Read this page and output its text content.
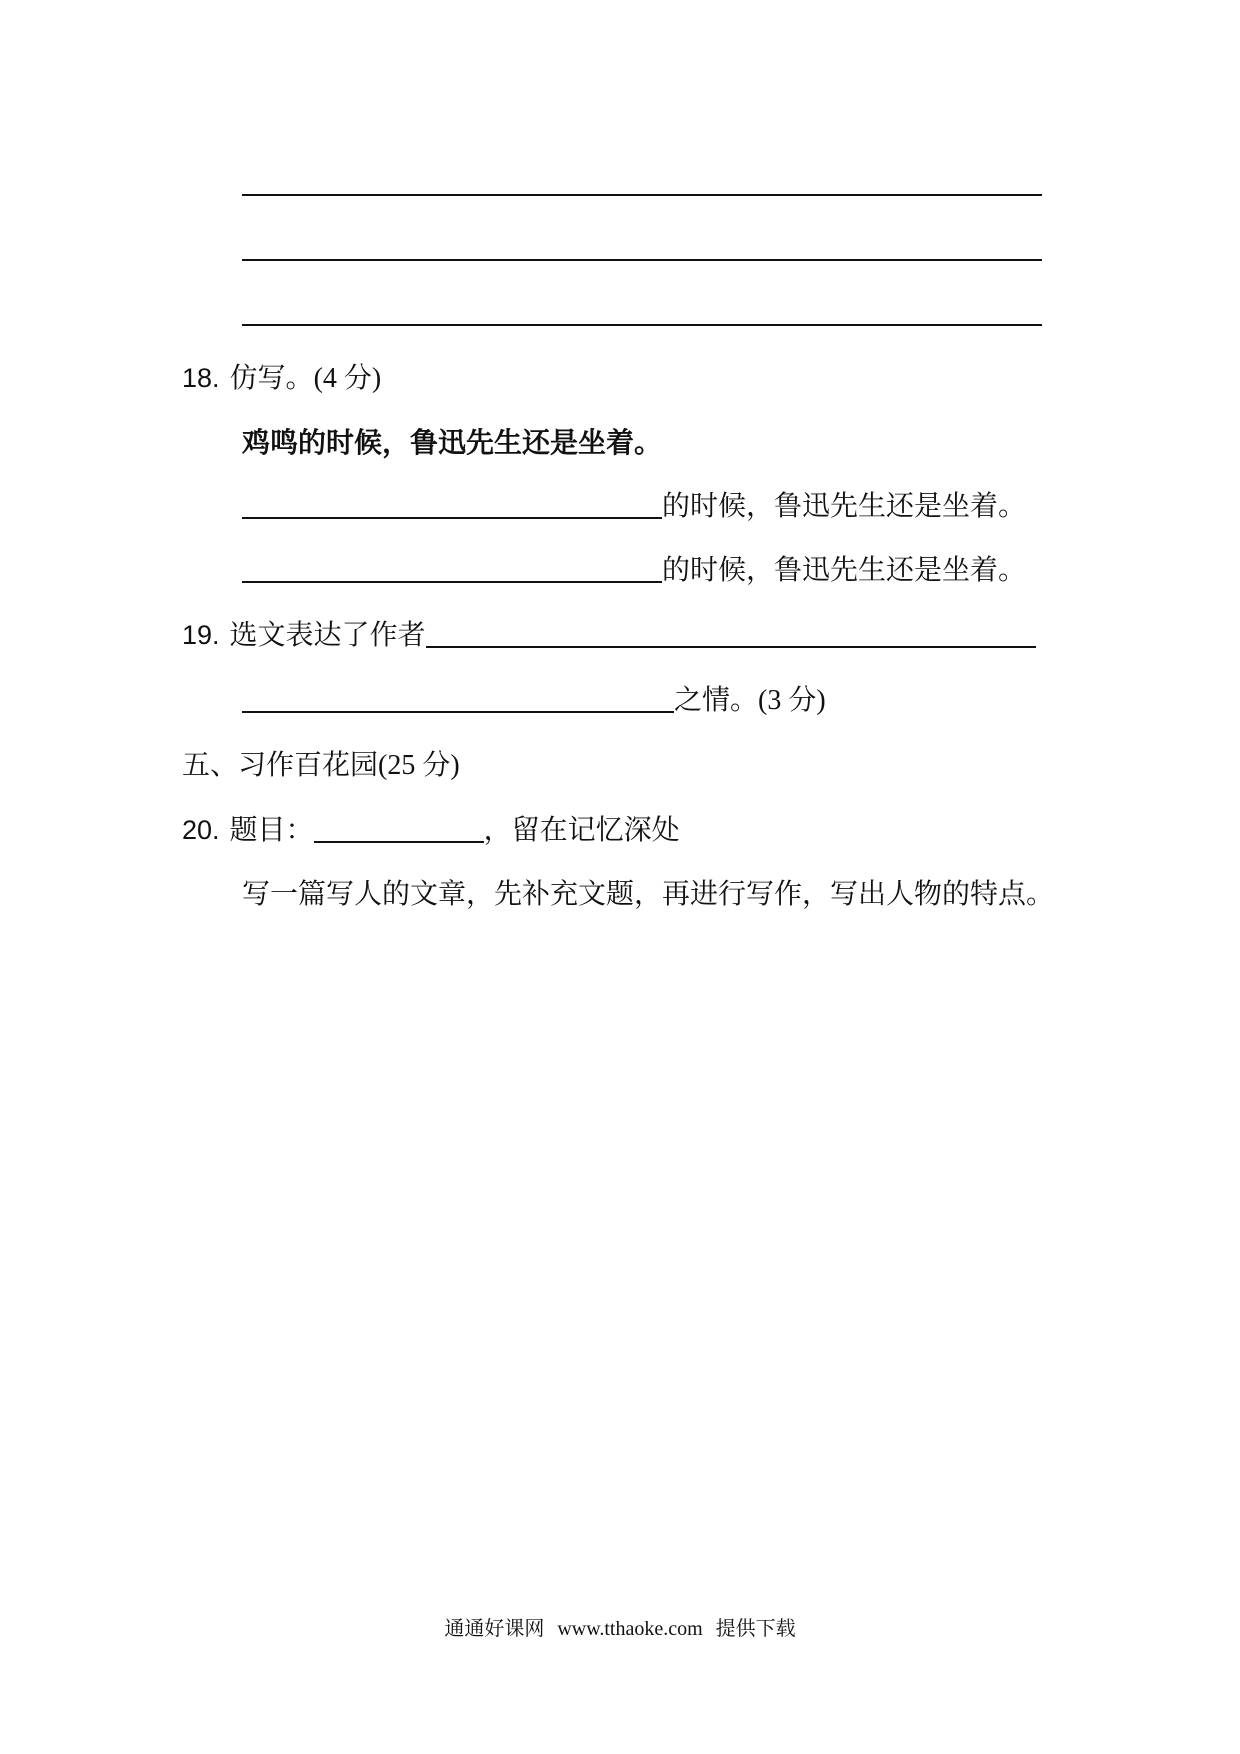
18. 仿写。(4 分)
鸡鸣的时候，鲁迅先生还是坐着。
的时候，鲁迅先生还是坐着。
的时候，鲁迅先生还是坐着。
19. 选文表达了作者
之情。(3 分)
五、习作百花园(25 分)
20. 题目：	，留在记忆深处
写一篇写人的文章，先补充文题，再进行写作，写出人物的特点。
通通好课网 www.tthaoke.com 提供下载
